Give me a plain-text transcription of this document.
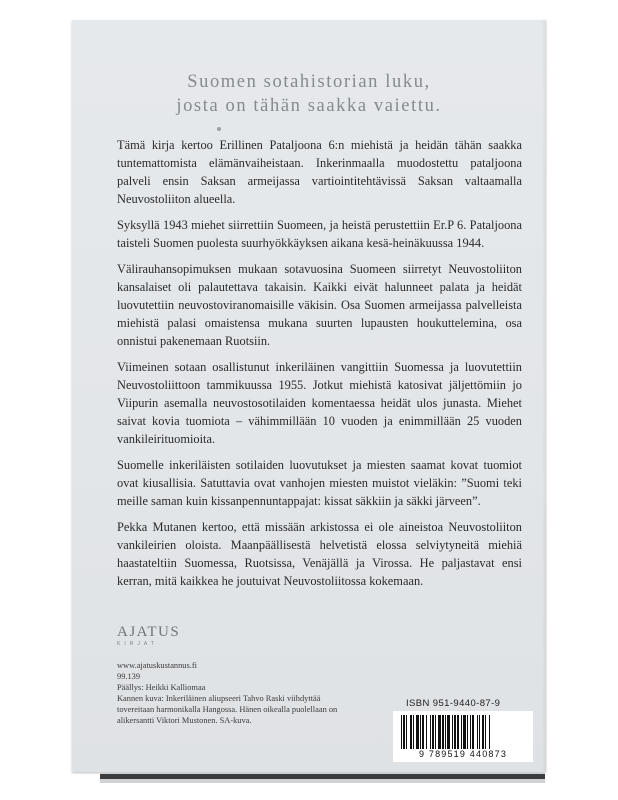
Suomen sotahistorian luku,
josta on tähän saakka vaiettu.

Tämä kirja kertoo Erillinen Pataljoona 6:n miehistä ja heidän tähän saakka tuntemattomista elämänvaiheistaan. Inkerinmaalla muodostettu pataljoona palveli ensin Saksan armeijassa vartiointitehtävissä Saksan valtaamalla Neuvostoliiton alueella.

Syksyllä 1943 miehet siirrettiin Suomeen, ja heistä perustettiin Er.P 6. Pataljoona taisteli Suomen puolesta suurhyökkäyksen aikana kesä-heinäkuussa 1944.

Välirauhansopimuksen mukaan sotavuosina Suomeen siirretyt Neuvostoliiton kansalaiset oli palautettava takaisin. Kaikki eivät halunneet palata ja heidät luovutettiin neuvostoviranomaisille väkisin. Osa Suomen armeijassa palvelleista miehistä palasi omaistensa mukana suurten lupausten houkuttelemina, osa onnistui pakenemaan Ruotsiin.

Viimeinen sotaan osallistunut inkeriläinen vangittiin Suomessa ja luovutettiin Neuvostoliittoon tammikuussa 1955. Jotkut miehistä katosivat jäljettömiin jo Viipurin asemalla neuvostosotilaiden komentaessa heidät ulos junasta. Miehet saivat kovia tuomiota – vähimmillään 10 vuoden ja enimmillään 25 vuoden vankileirituomioita.

Suomelle inkeriläisten sotilaiden luovutukset ja miesten saamat kovat tuomiot ovat kiusallisia. Satuttavia ovat vanhojen miesten muistot vieläkin: ”Suomi teki meille saman kuin kissanpennuntappajat: kissat säkkiin ja säkki järveen”.

Pekka Mutanen kertoo, että missään arkistossa ei ole aineistoa Neuvostoliiton vankileirien oloista. Maanpäällisestä helvetistä elossa selviytyneitä miehiä haastateltiin Suomessa, Ruotsissa, Venäjällä ja Virossa. He paljastavat ensi kerran, mitä kaikkea he joutuivat Neuvostoliitossa kokemaan.

AJATUS
KIRJAT
www.ajatuskustannus.fi
99.139
Päällys: Heikki Kalliomaa
Kannen kuva: Inkeriläinen aliupseeri Tahvo Raski viihdyttää tovereitaan harmonikalla Hangossa. Hänen oikealla puolellaan on alikersantti Viktori Mustonen. SA-kuva.
ISBN 951-9440-87-9
9 789519 440873
